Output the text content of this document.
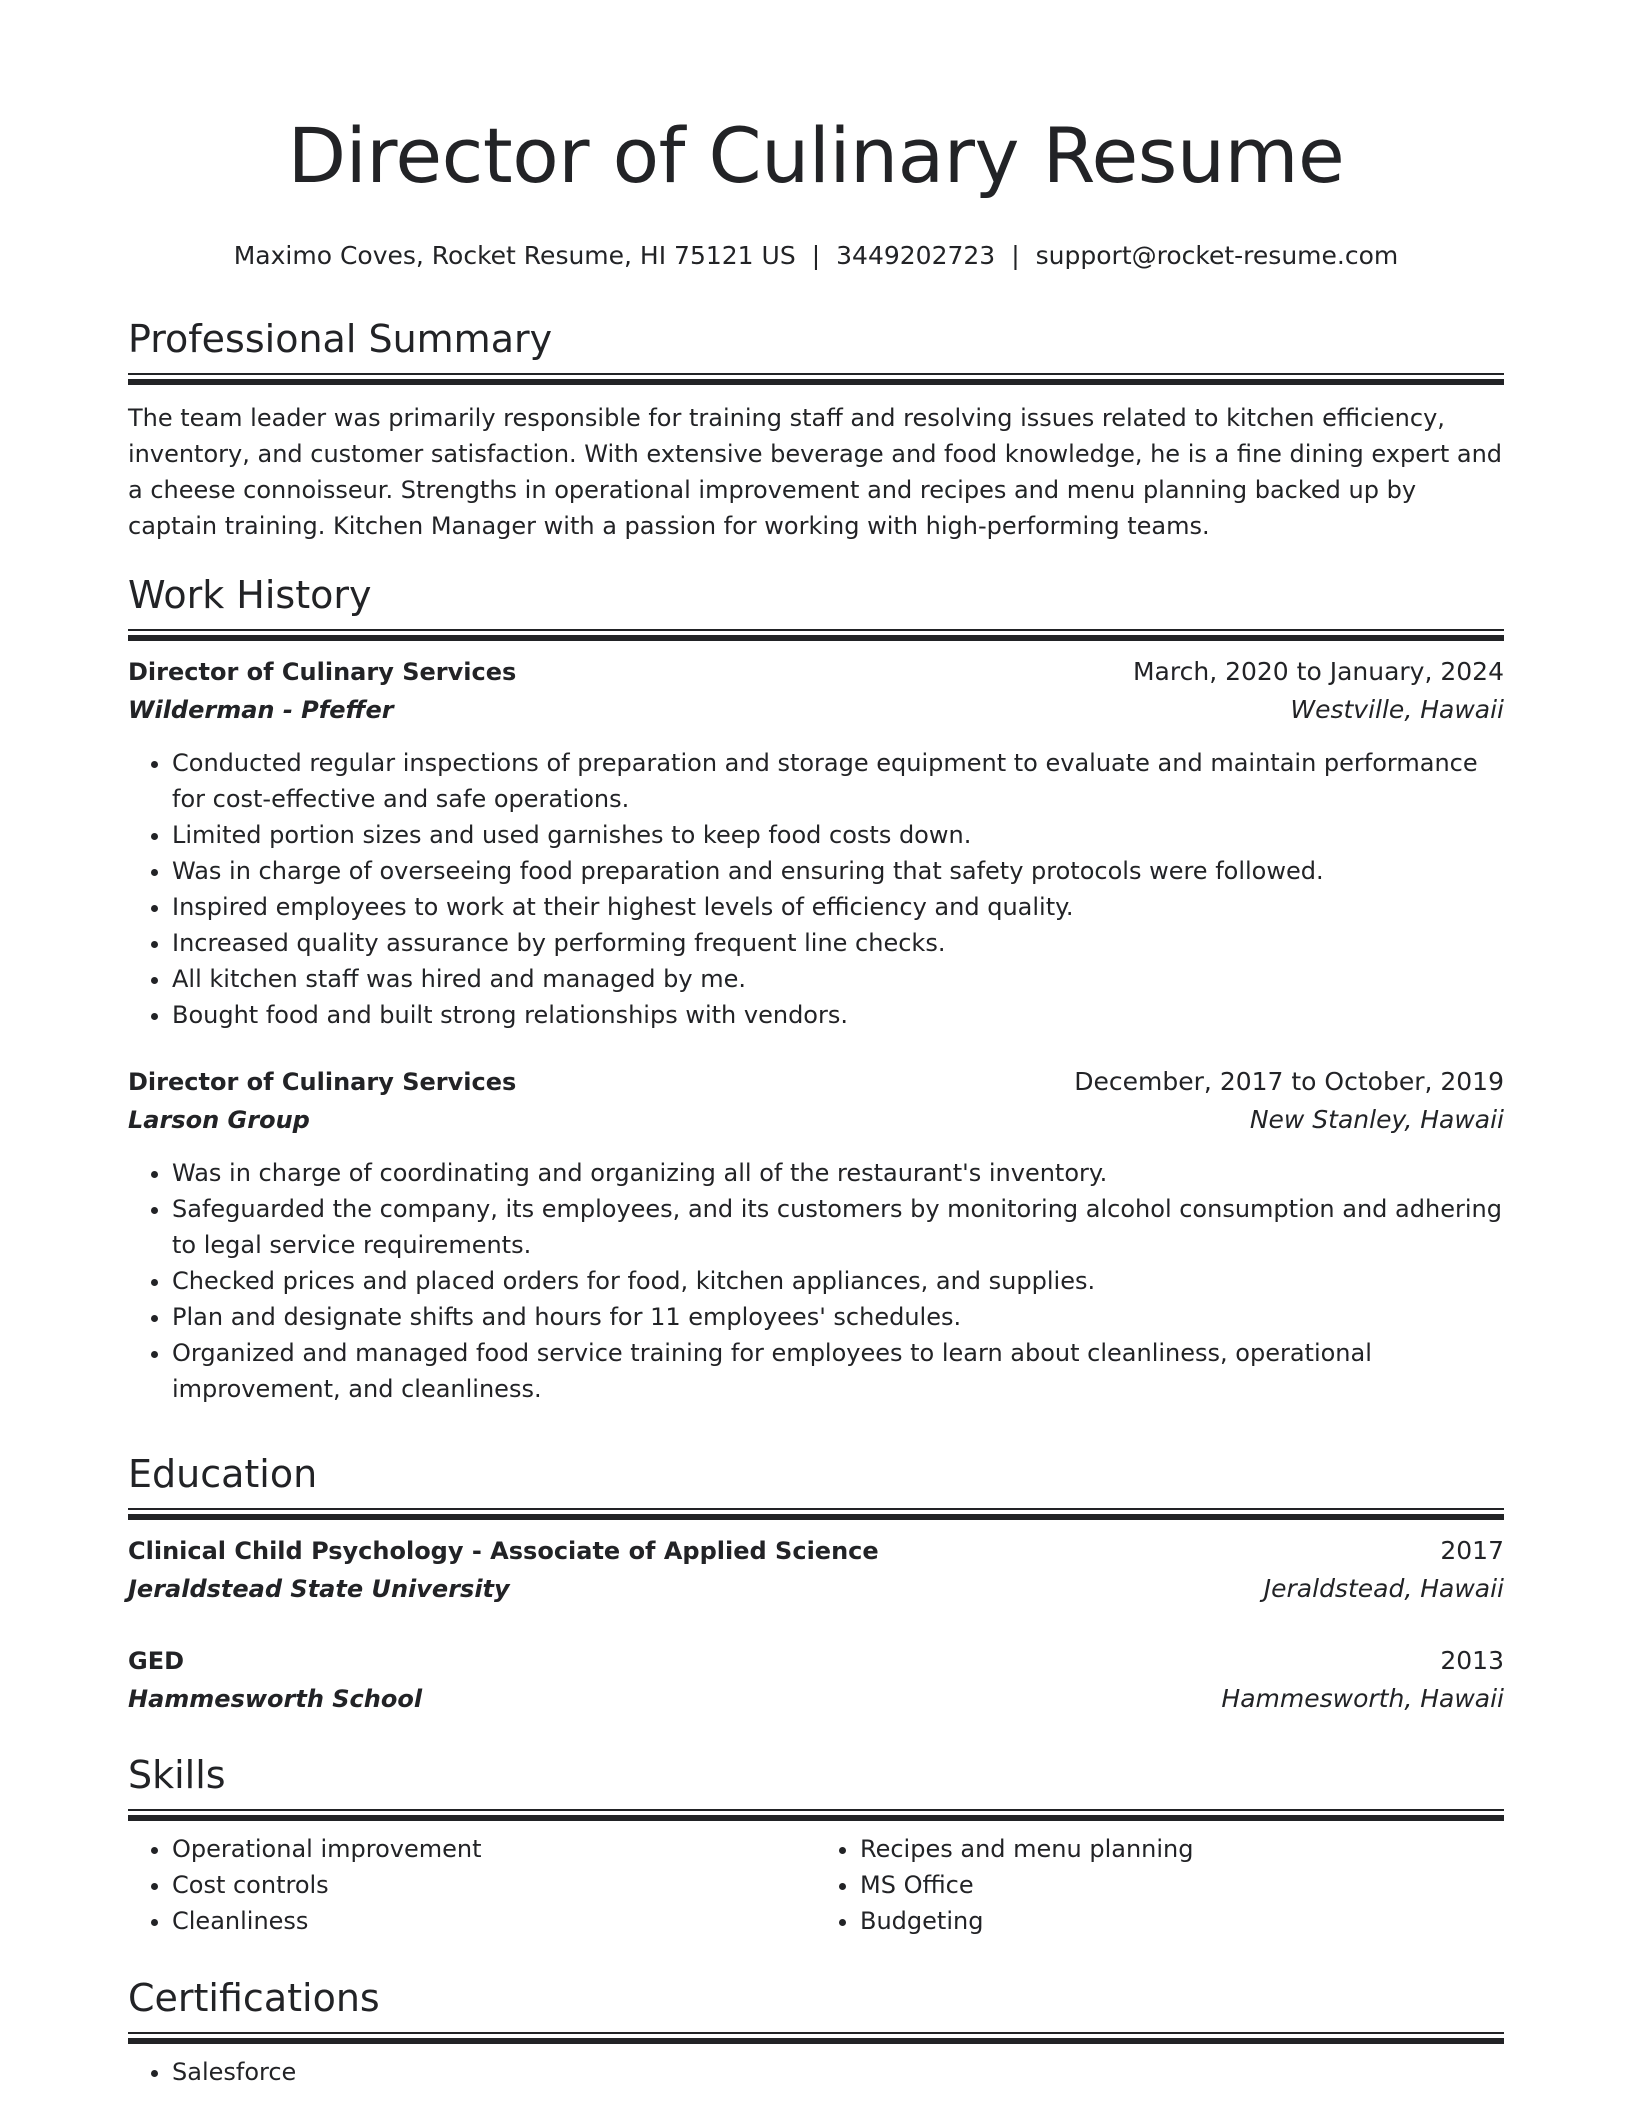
Director of Culinary Resume
Maximo Coves, Rocket Resume, HI 75121 US | 3449202723 | support@rocket-resume.com
Professional Summary

The team leader was primarily responsible for training staff and resolving issues related to kitchen efficiency, inventory, and customer satisfaction. With extensive beverage and food knowledge, he is a fine dining expert and a cheese connoisseur. Strengths in operational improvement and recipes and menu planning backed up by captain training. Kitchen Manager with a passion for working with high-performing teams.

Work History
Director of Culinary Services	March, 2020 to January, 2024
Wilderman - Pfeffer	Westville, Hawaii
• Conducted regular inspections of preparation and storage equipment to evaluate and maintain performance for cost-effective and safe operations.
• Limited portion sizes and used garnishes to keep food costs down.
• Was in charge of overseeing food preparation and ensuring that safety protocols were followed.
• Inspired employees to work at their highest levels of efficiency and quality.
• Increased quality assurance by performing frequent line checks.
• All kitchen staff was hired and managed by me.
• Bought food and built strong relationships with vendors.
Director of Culinary Services	December, 2017 to October, 2019
Larson Group	New Stanley, Hawaii
• Was in charge of coordinating and organizing all of the restaurant's inventory.
• Safeguarded the company, its employees, and its customers by monitoring alcohol consumption and adhering to legal service requirements.
• Checked prices and placed orders for food, kitchen appliances, and supplies.
• Plan and designate shifts and hours for 11 employees' schedules.
• Organized and managed food service training for employees to learn about cleanliness, operational improvement, and cleanliness.
Education
Clinical Child Psychology - Associate of Applied Science	2017
Jeraldstead State University	Jeraldstead, Hawaii
GED	2013
Hammesworth School	Hammesworth, Hawaii
Skills
• Operational improvement
• Cost controls
• Cleanliness
• Recipes and menu planning
• MS Office
• Budgeting
Certifications
• Salesforce
